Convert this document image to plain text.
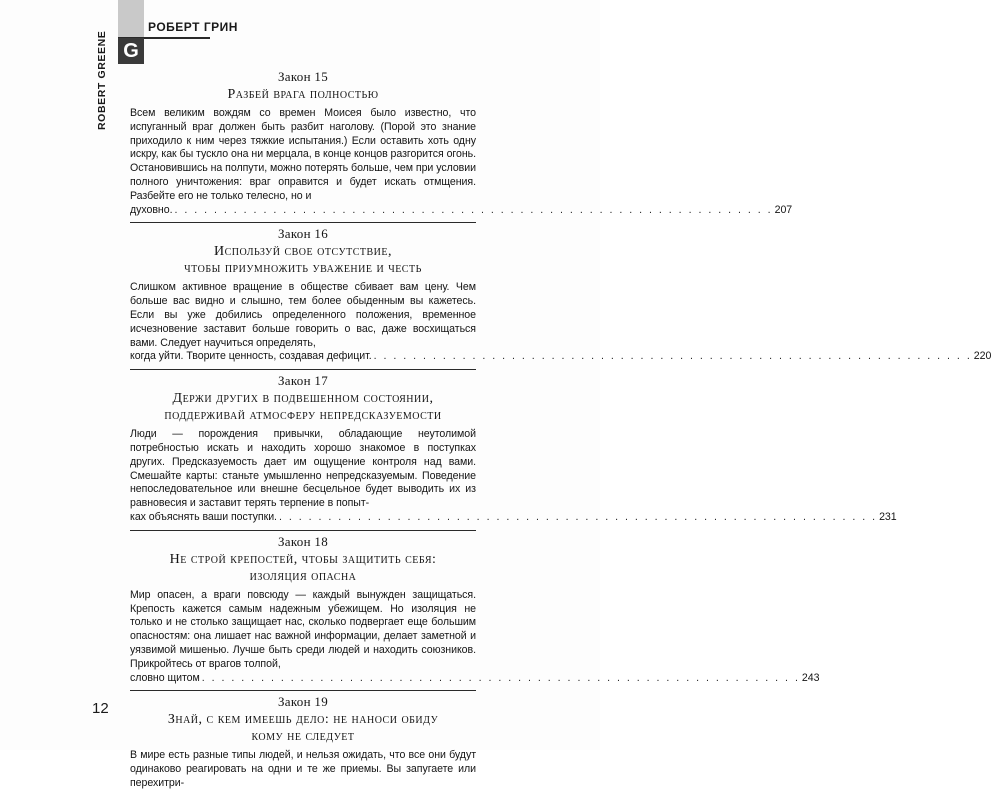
G
РОБЕРТ ГРИН
ROBERT GREENE	Закон 15
Разбей врага полностью

Всем великим вождям со времен Моисея было известно, что испуганный враг должен быть разбит наголову. (Порой это знание приходило к ним через тяжкие испытания.) Если оставить хоть одну искру, как бы тускло она ни мерцала, в конце концов разгорится огонь. Остановившись на полпути, можно потерять больше, чем при условии полного уничтожения: враг оправится и будет искать отмщения. Разбейте его не только телесно, но и

духовно. . . . . . . . . . . . . . . . . . . . . . . . . . . . . . . . . . . . . . . . . . . . . . . . . . . . . . . . . . . . . . 207
Закон 16
Используй свое отсутствие,
чтобы приумножить уважение и честь

Слишком активное вращение в обществе сбивает вам цену. Чем больше вас видно и слышно, тем более обыденным вы кажетесь. Если вы уже добились определенного положения, временное исчезновение заставит больше говорить о вас, даже восхищаться вами. Следует научиться определять,

когда уйти. Творите ценность, создавая дефицит. . . . . . . . . . . . . . . . . . . . . . . . . . . . . . . . . . . . . . . . . . . . . . . . . . . . . . . . . . . . . . 220
Закон 17
Держи других в подвешенном состоянии,
поддерживай атмосферу непредсказуемости

Люди — порождения привычки, обладающие неутолимой потребностью искать и находить хорошо знакомое в поступках других. Предсказуемость дает им ощущение контроля над вами. Смешайте карты: станьте умышленно непредсказуемым. Поведение непоследовательное или внешне бесцельное будет выводить их из равновесия и заставит терять терпение в попыт-

ках объяснять ваши поступки. . . . . . . . . . . . . . . . . . . . . . . . . . . . . . . . . . . . . . . . . . . . . . . . . . . . . . . . . . . . . . 231
Закон 18
Не строй крепостей, чтобы защитить себя:
изоляция опасна

Мир опасен, а враги повсюду — каждый вынужден защищаться. Крепость кажется самым надежным убежищем. Но изоляция не только и не столько защищает нас, сколько подвергает еще большим опасностям: она лишает нас важной информации, делает заметной и уязвимой мишенью. Лучше быть среди людей и находить союзников. Прикройтесь от врагов толпой,

словно щитом . . . . . . . . . . . . . . . . . . . . . . . . . . . . . . . . . . . . . . . . . . . . . . . . . . . . . . . . . . . . . 243
Закон 19
Знай, с кем имеешь дело: не наноси обиду
кому не следует

В мире есть разные типы людей, и нельзя ожидать, что все они будут одинаково реагировать на одни и те же приемы. Вы запугаете или перехитри-

12
